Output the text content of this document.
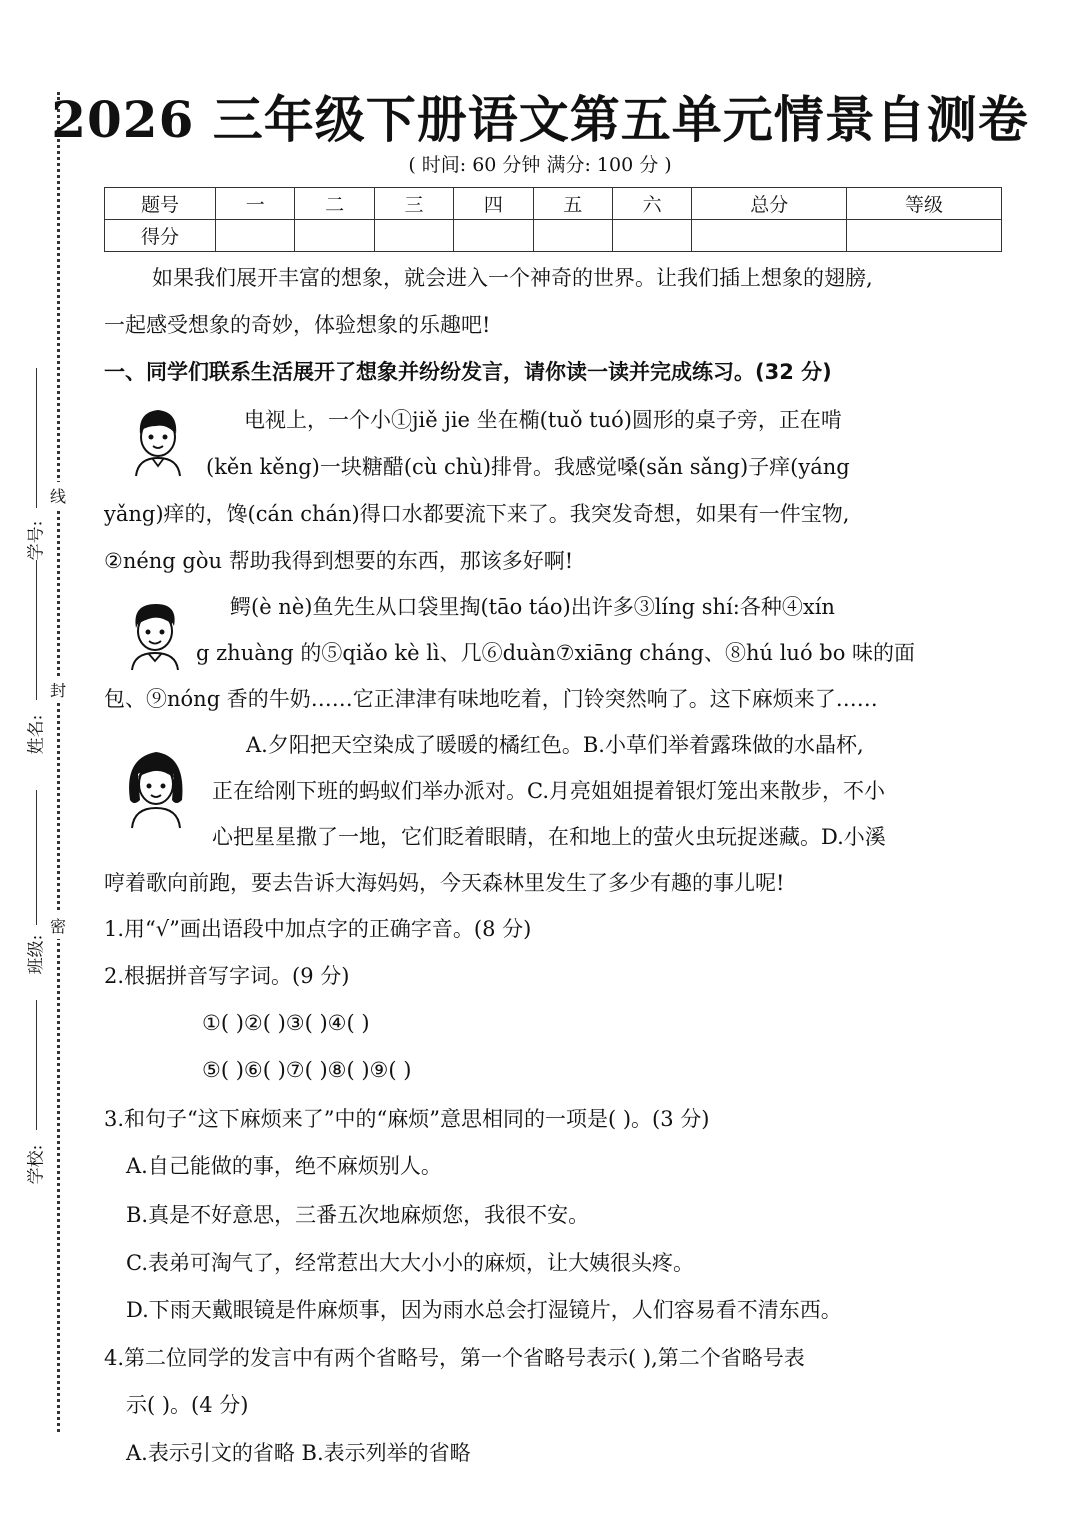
学号:
姓名:
班级:
学校:
线
封
密
2026 三年级下册语文第五单元情景自测卷
( 时间: 60 分钟 满分: 100 分 )
题号	一	二	三	四	五	六	总分	等级
得分								
如果我们展开丰富的想象，就会进入一个神奇的世界。让我们插上想象的翅膀,
一起感受想象的奇妙，体验想象的乐趣吧!
一、同学们联系生活展开了想象并纷纷发言，请你读一读并完成练习。(32 分)
电视上，一个小①jiě jie 坐在椭(tuǒ tuó)圆形的桌子旁，正在啃
(kěn kěng)一块糖醋(cù chù)排骨。我感觉嗓(sǎn sǎng)子痒(yáng
yǎng)痒的，馋(cán chán)得口水都要流下来了。我突发奇想，如果有一件宝物,
②néng gòu 帮助我得到想要的东西，那该多好啊!
鳄(è nè)鱼先生从口袋里掏(tāo táo)出许多③líng shí:各种④xín
g zhuàng 的⑤qiǎo kè lì、几⑥duàn⑦xiāng cháng、⑧hú luó bo 味的面
包、⑨nóng 香的牛奶……它正津津有味地吃着，门铃突然响了。这下麻烦来了……
A.夕阳把天空染成了暖暖的橘红色。B.小草们举着露珠做的水晶杯,
正在给刚下班的蚂蚁们举办派对。C.月亮姐姐提着银灯笼出来散步，不小
心把星星撒了一地，它们眨着眼睛，在和地上的萤火虫玩捉迷藏。D.小溪
哼着歌向前跑，要去告诉大海妈妈，今天森林里发生了多少有趣的事儿呢!
1.用“√”画出语段中加点字的正确字音。(8 分)
2.根据拼音写字词。(9 分)
①( )②( )③( )④( )
⑤( )⑥( )⑦( )⑧( )⑨( )
3.和句子“这下麻烦来了”中的“麻烦”意思相同的一项是( )。(3 分)
A.自己能做的事，绝不麻烦别人。
B.真是不好意思，三番五次地麻烦您，我很不安。
C.表弟可淘气了，经常惹出大大小小的麻烦，让大姨很头疼。
D.下雨天戴眼镜是件麻烦事，因为雨水总会打湿镜片，人们容易看不清东西。
4.第二位同学的发言中有两个省略号，第一个省略号表示( ),第二个省略号表
示( )。(4 分)
A.表示引文的省略 B.表示列举的省略
